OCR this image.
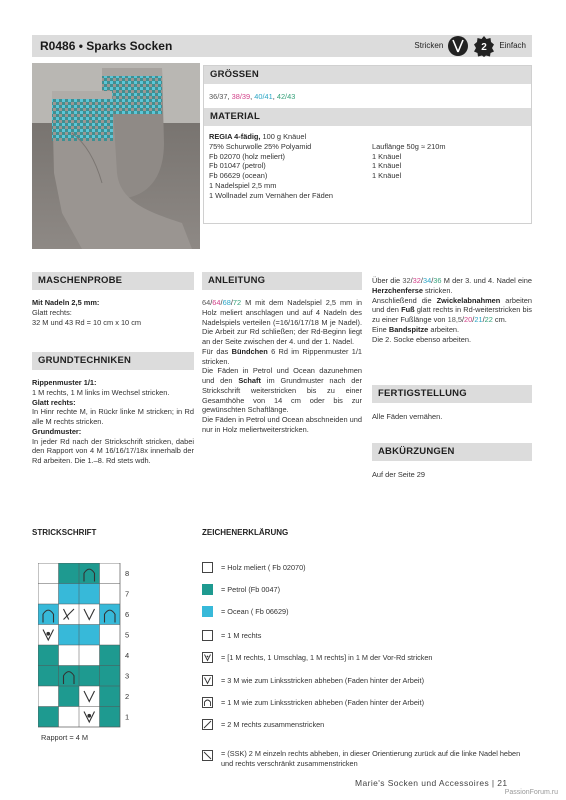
R0486 • Sparks Socken	Stricken	2 Einfach
GRÖSSEN
36/37, 38/39, 40/41, 42/43
MATERIAL
REGIA 4-fädig, 100 g Knäuel
75% Schurwolle 25% Polyamid
Fb 02070 (holz meliert)
Fb 01047 (petrol)
Fb 06629 (ocean)
1 Nadelspiel 2,5 mm
1 Wollnadel zum Vernähen der Fäden
Lauflänge 50g ≈ 210m
1 Knäuel
1 Knäuel
1 Knäuel
MASCHENPROBE
Mit Nadeln 2,5 mm:
Glatt rechts:
32 M und 43 Rd = 10 cm x 10 cm
GRUNDTECHNIKEN
Rippenmuster 1/1:
1 M rechts, 1 M links im Wechsel stricken.
Glatt rechts:
In Hinr rechte M, in Rückr linke M stricken; in Rd alle M rechts stricken.
Grundmuster:
In jeder Rd nach der Strickschrift stricken, dabei den Rapport von 4 M 16/16/17/18x innerhalb der Rd arbeiten. Die 1.–8. Rd stets wdh.
ANLEITUNG
64/64/68/72 M mit dem Nadelspiel 2,5 mm in Holz meliert anschlagen und auf 4 Nadeln des Nadelspiels verteilen (=16/16/17/18 M je Nadel). Die Arbeit zur Rd schließen; der Rd-Beginn liegt an der Seite zwischen der 4. und der 1. Nadel.
Für das Bündchen 6 Rd im Rippenmuster 1/1 stricken.
Die Fäden in Petrol und Ocean dazunehmen und den Schaft im Grundmuster nach der Strickschrift weiterstricken bis zu einer Gesamthöhe von 14 cm oder bis zur gewünschten Schaftlänge.
Die Fäden in Petrol und Ocean abschneiden und nur in Holz meliertweiterstricken.
Über die 32/32/34/36 M der 3. und 4. Nadel eine Herzchenferse stricken.
Anschließend die Zwickelabnahmen arbeiten und den Fuß glatt rechts in Rd-weiterstricken bis zu einer Fußlänge von 18,5/20/21/22 cm.
Eine Bandspitze arbeiten.
Die 2. Socke ebenso arbeiten.
FERTIGSTELLUNG
Alle Fäden vernähen.
ABKÜRZUNGEN
Auf der Seite 29
STRICKSCHRIFT
8
7
6
5
4
3
2
1
Rapport = 4 M
ZEICHENERKLÄRUNG
= Holz meliert ( Fb 02070)
= Petrol (Fb 0047)
= Ocean ( Fb 06629)
= 1 M rechts
= [1 M rechts, 1 Umschlag, 1 M rechts] in 1 M der Vor-Rd stricken
= 3 M wie zum Linksstricken abheben (Faden hinter der Arbeit)
= 1 M wie zum Linksstricken abheben (Faden hinter der Arbeit)
= 2 M rechts zusammenstricken
= (SSK) 2 M einzeln rechts abheben, in dieser Orientierung zurück auf die linke Nadel heben und rechts verschränkt zusammenstricken
Marie's Socken und Accessoires | 21
PassionForum.ru
